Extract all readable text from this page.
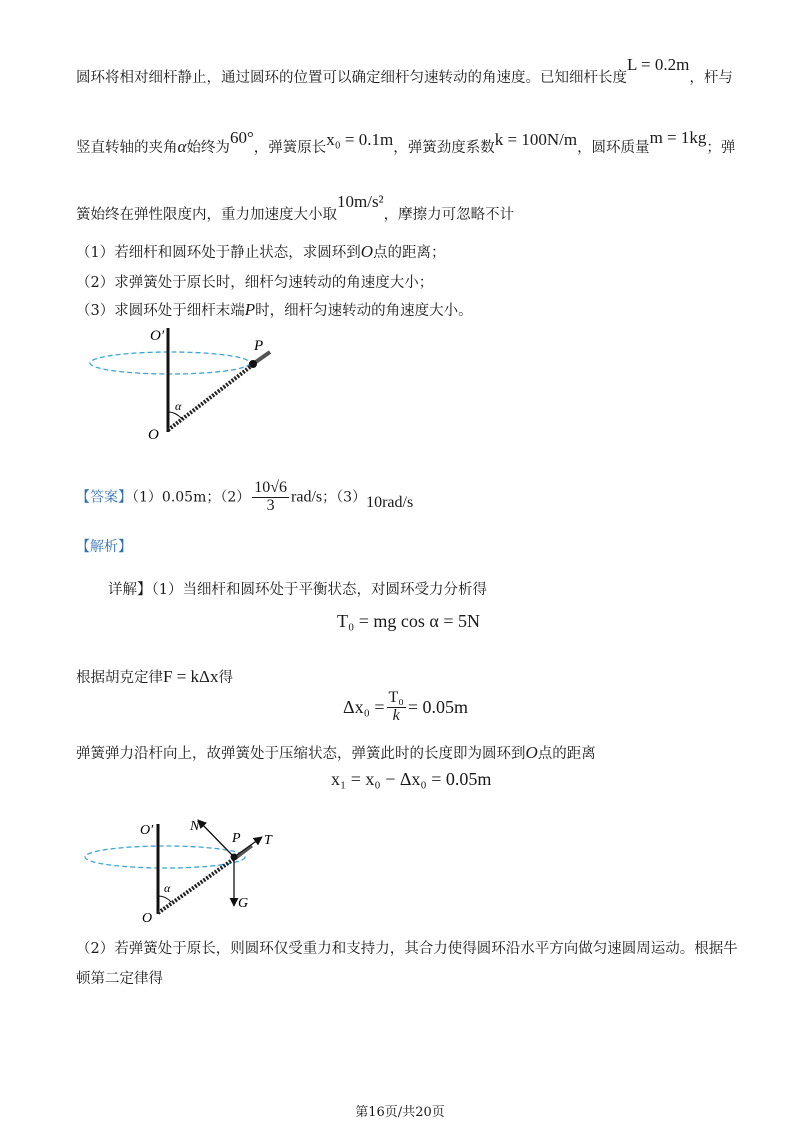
圆环将相对细杆静止，通过圆环的位置可以确定细杆匀速转动的角速度。已知细杆长度L = 0.2m，杆与
竖直转轴的夹角α始终为60°，弹簧原长x₀ = 0.1m，弹簧劲度系数k = 100N/m，圆环质量m = 1kg；弹
簧始终在弹性限度内，重力加速度大小取10m/s²，摩擦力可忽略不计
（1）若细杆和圆环处于静止状态，求圆环到O点的距离；
（2）求弹簧处于原长时，细杆匀速转动的角速度大小；
（3）求圆环处于细杆末端P时，细杆匀速转动的角速度大小。
O′
P
α
O
【答案】（1）0.05m；$(2) \frac{10√6}{3} rad/s$；（3）10rad/s
【解析】
详解】（1）当细杆和圆环处于平衡状态，对圆环受力分析得
T₀ = mg cos α = 5N
根据胡克定律F = kΔx得
$\Delta x_0 = \frac{\text{T₀}}{k} = 0.05m$
弹簧弹力沿杆向上，故弹簧处于压缩状态，弹簧此时的长度即为圆环到O点的距离
x₁ = x₀ − Δx₀ = 0.05m
O′	N
P T
α
G
O
（2）若弹簧处于原长，则圆环仅受重力和支持力，其合力使得圆环沿水平方向做匀速圆周运动。根据牛
顿第二定律得
第16页/共20页
